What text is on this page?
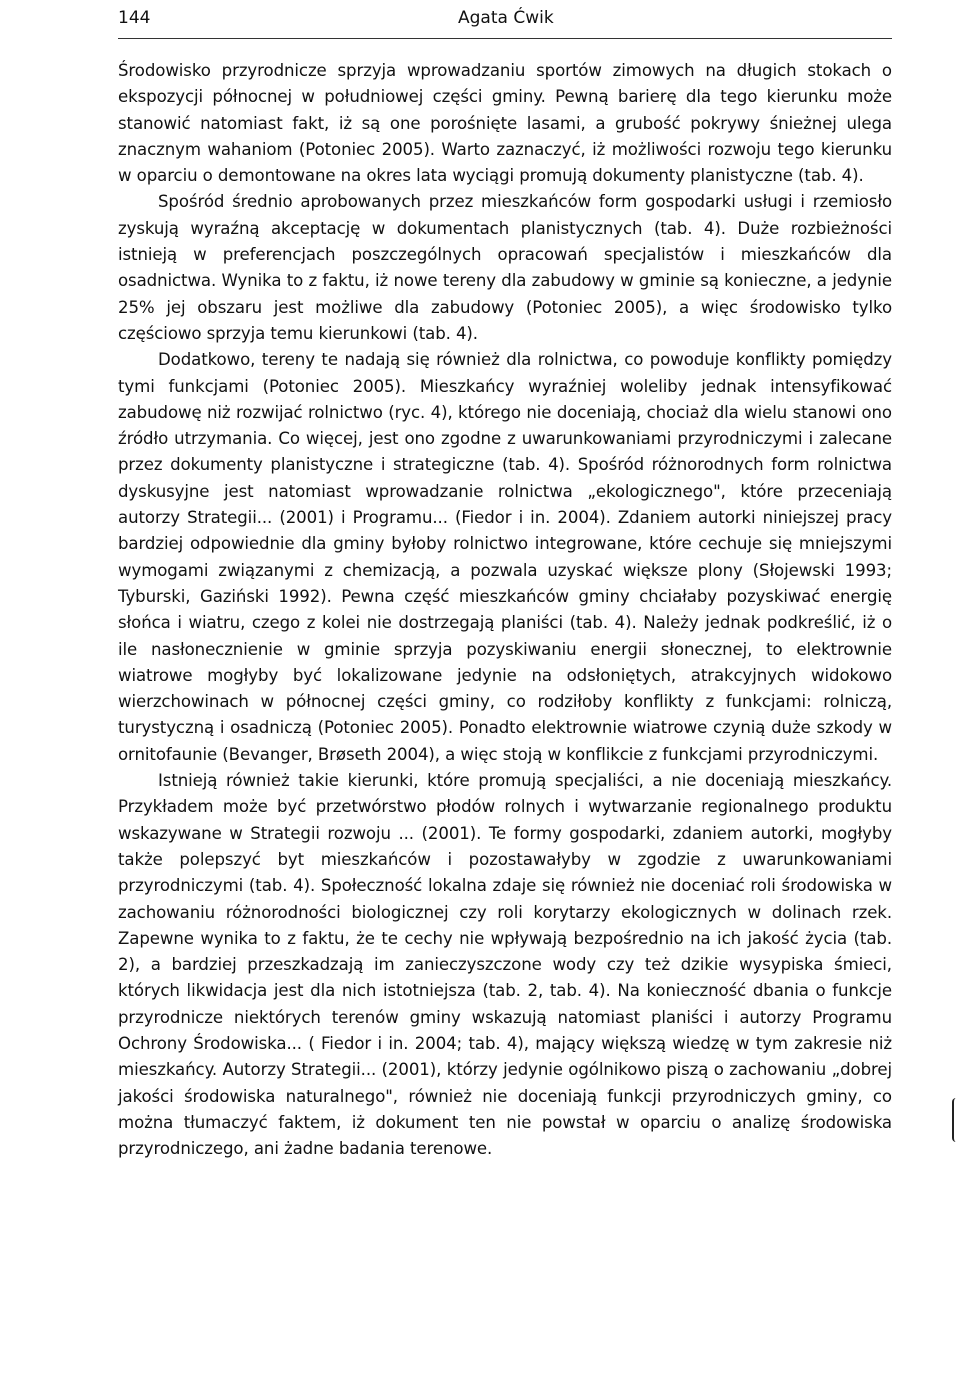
144	Agata Ćwik

Środowisko przyrodnicze sprzyja wprowadzaniu sportów zimowych na długich stokach o ekspozycji północnej w południowej części gminy. Pewną barierę dla tego kierunku może stanowić natomiast fakt, iż są one porośnięte lasami, a grubość pokrywy śnieżnej ulega znacznym wahaniom (Potoniec 2005). Warto zaznaczyć, iż możliwości rozwoju tego kierunku w oparciu o demontowane na okres lata wyciągi promują dokumenty planistyczne (tab. 4).

Spośród średnio aprobowanych przez mieszkańców form gospodarki usługi i rzemiosło zyskują wyraźną akceptację w dokumentach planistycznych (tab. 4). Duże rozbieżności istnieją w preferencjach poszczególnych opracowań specjalistów i mieszkańców dla osadnictwa. Wynika to z faktu, iż nowe tereny dla zabudowy w gminie są konieczne, a jedynie 25% jej obszaru jest możliwe dla zabudowy (Potoniec 2005), a więc środowisko tylko częściowo sprzyja temu kierunkowi (tab. 4).

Dodatkowo, tereny te nadają się również dla rolnictwa, co powoduje konflikty pomiędzy tymi funkcjami (Potoniec 2005). Mieszkańcy wyraźniej woleliby jednak intensyfikować zabudowę niż rozwijać rolnictwo (ryc. 4), którego nie doceniają, chociaż dla wielu stanowi ono źródło utrzymania. Co więcej, jest ono zgodne z uwarunkowaniami przyrodniczymi i zalecane przez dokumenty planistyczne i strategiczne (tab. 4). Spośród różnorodnych form rolnictwa dyskusyjne jest natomiast wprowadzanie rolnictwa „ekologicznego", które przeceniają autorzy Strategii... (2001) i Programu... (Fiedor i in. 2004). Zdaniem autorki niniejszej pracy bardziej odpowiednie dla gminy byłoby rolnictwo integrowane, które cechuje się mniejszymi wymogami związanymi z chemizacją, a pozwala uzyskać większe plony (Słojewski 1993; Tyburski, Gaziński 1992). Pewna część mieszkańców gminy chciałaby pozyskiwać energię słońca i wiatru, czego z kolei nie dostrzegają planiści (tab. 4). Należy jednak podkreślić, iż o ile nasłonecznienie w gminie sprzyja pozyskiwaniu energii słonecznej, to elektrownie wiatrowe mogłyby być lokalizowane jedynie na odsłoniętych, atrakcyjnych widokowo wierzchowinach w północnej części gminy, co rodziłoby konflikty z funkcjami: rolniczą, turystyczną i osadniczą (Potoniec 2005). Ponadto elektrownie wiatrowe czynią duże szkody w ornitofaunie (Bevanger, Brøseth 2004), a więc stoją w konflikcie z funkcjami przyrodniczymi.

Istnieją również takie kierunki, które promują specjaliści, a nie doceniają mieszkańcy. Przykładem może być przetwórstwo płodów rolnych i wytwarzanie regionalnego produktu wskazywane w Strategii rozwoju ... (2001). Te formy gospodarki, zdaniem autorki, mogłyby także polepszyć byt mieszkańców i pozostawałyby w zgodzie z uwarunkowaniami przyrodniczymi (tab. 4). Społeczność lokalna zdaje się również nie doceniać roli środowiska w zachowaniu różnorodności biologicznej czy roli korytarzy ekologicznych w dolinach rzek. Zapewne wynika to z faktu, że te cechy nie wpływają bezpośrednio na ich jakość życia (tab. 2), a bardziej przeszkadzają im zanieczyszczone wody czy też dzikie wysypiska śmieci, których likwidacja jest dla nich istotniejsza (tab. 2, tab. 4). Na konieczność dbania o funkcje przyrodnicze niektórych terenów gminy wskazują natomiast planiści i autorzy Programu Ochrony Środowiska... ( Fiedor i in. 2004; tab. 4), mający większą wiedzę w tym zakresie niż mieszkańcy. Autorzy Strategii... (2001), którzy jedynie ogólnikowo piszą o zachowaniu „dobrej jakości środowiska naturalnego", również nie doceniają funkcji przyrodniczych gminy, co można tłumaczyć faktem, iż dokument ten nie powstał w oparciu o analizę środowiska przyrodniczego, ani żadne badania terenowe.
